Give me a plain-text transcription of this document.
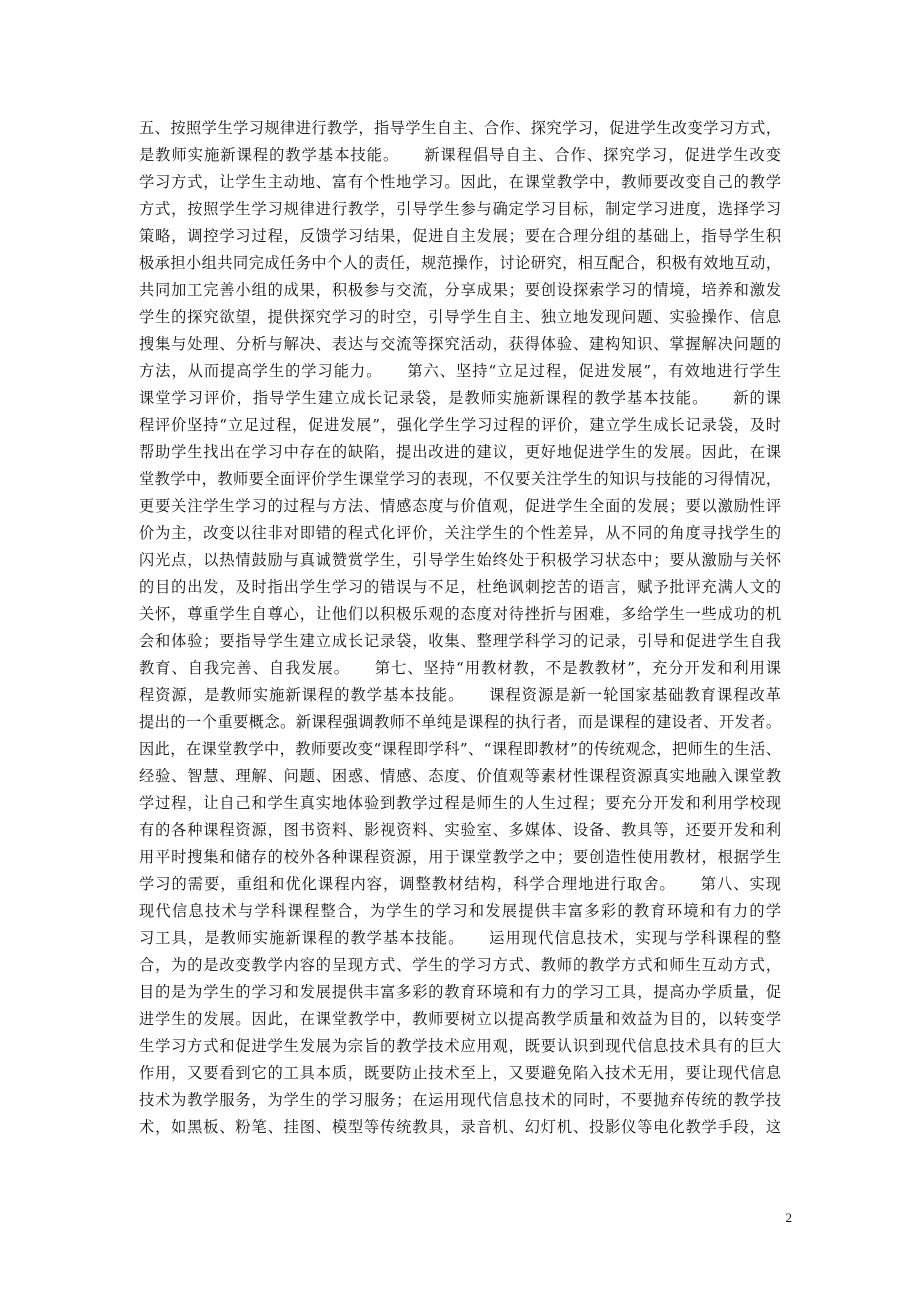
五、按照学生学习规律进行教学，指导学生自主、合作、探究学习，促进学生改变学习方式，
是教师实施新课程的教学基本技能。　　新课程倡导自主、合作、探究学习，促进学生改变
学习方式，让学生主动地、富有个性地学习。因此，在课堂教学中，教师要改变自己的教学
方式，按照学生学习规律进行教学，引导学生参与确定学习目标，制定学习进度，选择学习
策略，调控学习过程，反馈学习结果，促进自主发展；要在合理分组的基础上，指导学生积
极承担小组共同完成任务中个人的责任，规范操作，讨论研究，相互配合，积极有效地互动，
共同加工完善小组的成果，积极参与交流，分享成果；要创设探索学习的情境，培养和激发
学生的探究欲望，提供探究学习的时空，引导学生自主、独立地发现问题、实验操作、信息
搜集与处理、分析与解决、表达与交流等探究活动，获得体验、建构知识、掌握解决问题的
方法，从而提高学生的学习能力。　　第六、坚持“立足过程，促进发展”，有效地进行学生
课堂学习评价，指导学生建立成长记录袋，是教师实施新课程的教学基本技能。　　新的课
程评价坚持“立足过程，促进发展”，强化学生学习过程的评价，建立学生成长记录袋，及时
帮助学生找出在学习中存在的缺陷，提出改进的建议，更好地促进学生的发展。因此，在课
堂教学中，教师要全面评价学生课堂学习的表现，不仅要关注学生的知识与技能的习得情况，
更要关注学生学习的过程与方法、情感态度与价值观，促进学生全面的发展；要以激励性评
价为主，改变以往非对即错的程式化评价，关注学生的个性差异，从不同的角度寻找学生的
闪光点，以热情鼓励与真诚赞赏学生，引导学生始终处于积极学习状态中；要从激励与关怀
的目的出发，及时指出学生学习的错误与不足，杜绝讽刺挖苦的语言，赋予批评充满人文的
关怀，尊重学生自尊心，让他们以积极乐观的态度对待挫折与困难，多给学生一些成功的机
会和体验；要指导学生建立成长记录袋，收集、整理学科学习的记录，引导和促进学生自我
教育、自我完善、自我发展。　　第七、坚持“用教材教，不是教教材”，充分开发和利用课
程资源，是教师实施新课程的教学基本技能。　　课程资源是新一轮国家基础教育课程改革
提出的一个重要概念。新课程强调教师不单纯是课程的执行者，而是课程的建设者、开发者。
因此，在课堂教学中，教师要改变“课程即学科”、“课程即教材”的传统观念，把师生的生活、
经验、智慧、理解、问题、困惑、情感、态度、价值观等素材性课程资源真实地融入课堂教
学过程，让自己和学生真实地体验到教学过程是师生的人生过程；要充分开发和利用学校现
有的各种课程资源，图书资料、影视资料、实验室、多媒体、设备、教具等，还要开发和利
用平时搜集和储存的校外各种课程资源，用于课堂教学之中；要创造性使用教材，根据学生
学习的需要，重组和优化课程内容，调整教材结构，科学合理地进行取舍。　　第八、实现
现代信息技术与学科课程整合，为学生的学习和发展提供丰富多彩的教育环境和有力的学
习工具，是教师实施新课程的教学基本技能。　　运用现代信息技术，实现与学科课程的整
合，为的是改变教学内容的呈现方式、学生的学习方式、教师的教学方式和师生互动方式，
目的是为学生的学习和发展提供丰富多彩的教育环境和有力的学习工具，提高办学质量，促
进学生的发展。因此，在课堂教学中，教师要树立以提高教学质量和效益为目的，以转变学
生学习方式和促进学生发展为宗旨的教学技术应用观，既要认识到现代信息技术具有的巨大
作用，又要看到它的工具本质，既要防止技术至上，又要避免陷入技术无用，要让现代信息
技术为教学服务，为学生的学习服务；在运用现代信息技术的同时，不要抛弃传统的教学技
术，如黑板、粉笔、挂图、模型等传统教具，录音机、幻灯机、投影仪等电化教学手段，这
2
